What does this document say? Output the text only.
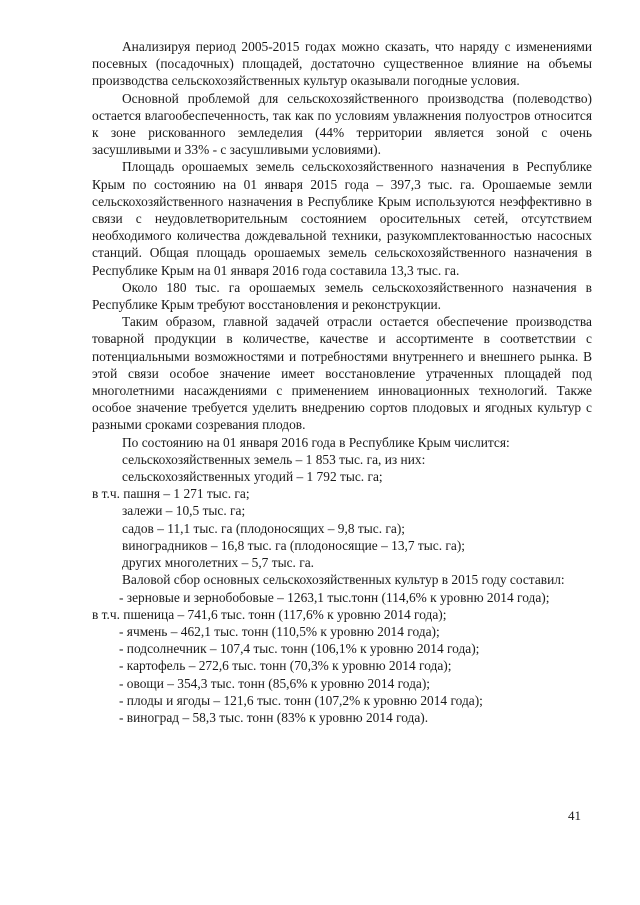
Анализируя период 2005-2015 годах можно сказать, что наряду с изменениями посевных (посадочных) площадей, достаточно существенное влияние на объемы производства сельскохозяйственных культур оказывали погодные условия.

Основной проблемой для сельскохозяйственного производства (полеводство) остается влагообеспеченность, так как по условиям увлажнения полуостров относится к зоне рискованного земледелия (44% территории является зоной с очень засушливыми и 33% - с засушливыми условиями).

Площадь орошаемых земель сельскохозяйственного назначения в Республике Крым по состоянию на 01 января 2015 года – 397,3 тыс. га. Орошаемые земли сельскохозяйственного назначения в Республике Крым используются неэффективно в связи с неудовлетворительным состоянием оросительных сетей, отсутствием необходимого количества дождевальной техники, разукомплектованностью насосных станций. Общая площадь орошаемых земель сельскохозяйственного назначения в Республике Крым на 01 января 2016 года составила 13,3 тыс. га.

Около 180 тыс. га орошаемых земель сельскохозяйственного назначения в Республике Крым требуют восстановления и реконструкции.

Таким образом, главной задачей отрасли остается обеспечение производства товарной продукции в количестве, качестве и ассортименте в соответствии с потенциальными возможностями и потребностями внутреннего и внешнего рынка. В этой связи особое значение имеет восстановление утраченных площадей под многолетними насаждениями с применением инновационных технологий. Также особое значение требуется уделить внедрению сортов плодовых и ягодных культур с разными сроками созревания плодов.

По состоянию на 01 января 2016 года в Республике Крым числится:

сельскохозяйственных земель – 1 853 тыс. га, из них:

сельскохозяйственных угодий – 1 792 тыс. га;

в т.ч. пашня – 1 271 тыс. га;

залежи – 10,5 тыс. га;

садов – 11,1 тыс. га (плодоносящих – 9,8 тыс. га);

виноградников – 16,8 тыс. га (плодоносящие – 13,7 тыс. га);

других многолетних – 5,7 тыс. га.

Валовой сбор основных сельскохозяйственных культур в 2015 году составил:

- зерновые и зернобобовые – 1263,1 тыс.тонн (114,6% к уровню 2014 года);

в т.ч. пшеница – 741,6 тыс. тонн (117,6% к уровню 2014 года);

- ячмень – 462,1 тыс. тонн (110,5% к уровню 2014 года);

- подсолнечник – 107,4 тыс. тонн (106,1% к уровню 2014 года);

- картофель – 272,6 тыс. тонн (70,3% к уровню 2014 года);

- овощи – 354,3 тыс. тонн (85,6% к уровню 2014 года);

- плоды и ягоды – 121,6 тыс. тонн (107,2% к уровню 2014 года);

- виноград – 58,3 тыс. тонн (83% к уровню 2014 года).

41
